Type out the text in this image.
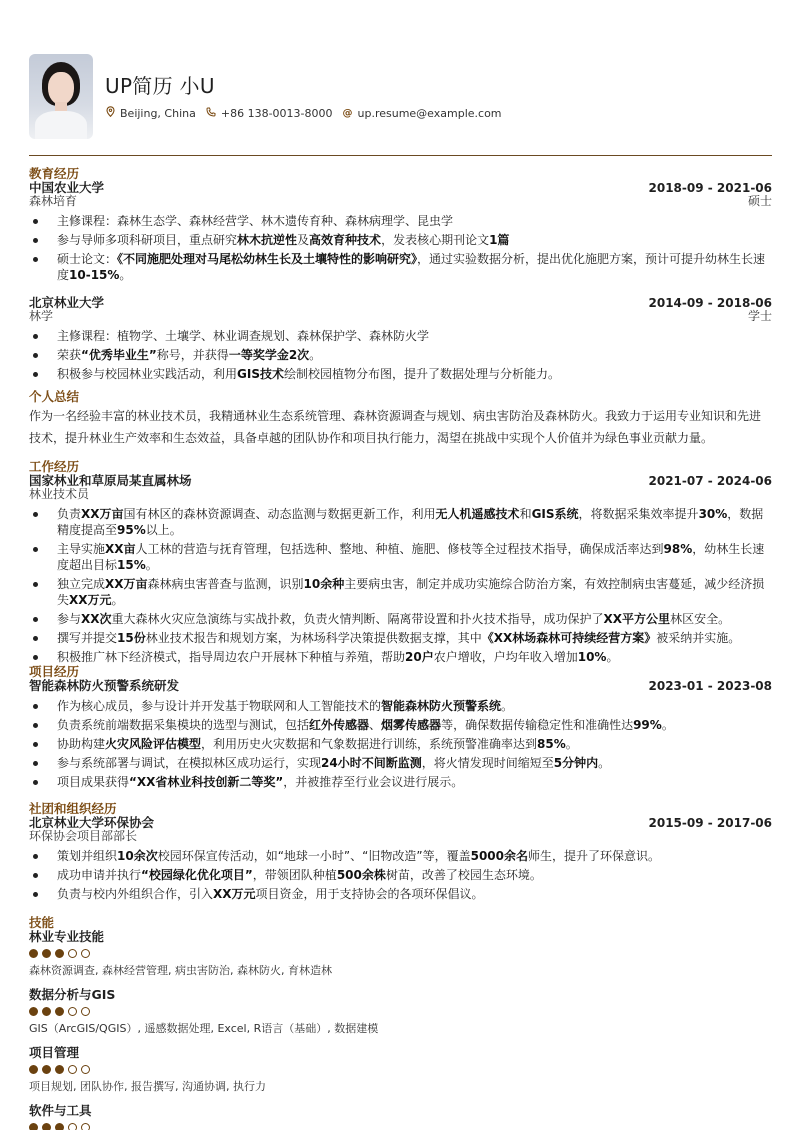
UP简历 小U
Beijing, China +86 138-0013-8000 @ up.resume@example.com
教育经历
中国农业大学	2018-09 - 2021-06
森林培育	硕士
主修课程：森林生态学、森林经营学、林木遗传育种、森林病理学、昆虫学
参与导师多项科研项目，重点研究林木抗逆性及高效育种技术，发表核心期刊论文1篇
硕士论文：《不同施肥处理对马尾松幼林生长及土壤特性的影响研究》，通过实验数据分析，提出优化施肥方案，预计可提升幼林生长速度10-15%。
北京林业大学	2014-09 - 2018-06
林学	学士
主修课程：植物学、土壤学、林业调查规划、森林保护学、森林防火学
荣获“优秀毕业生”称号，并获得一等奖学金2次。
积极参与校园林业实践活动，利用GIS技术绘制校园植物分布图，提升了数据处理与分析能力。
个人总结
作为一名经验丰富的林业技术员，我精通林业生态系统管理、森林资源调查与规划、病虫害防治及森林防火。我致力于运用专业知识和先进技术，提升林业生产效率和生态效益，具备卓越的团队协作和项目执行能力，渴望在挑战中实现个人价值并为绿色事业贡献力量。
工作经历
国家林业和草原局某直属林场	2021-07 - 2024-06
林业技术员
负责XX万亩国有林区的森林资源调查、动态监测与数据更新工作，利用无人机遥感技术和GIS系统，将数据采集效率提升30%，数据精度提高至95%以上。
主导实施XX亩人工林的营造与抚育管理，包括选种、整地、种植、施肥、修枝等全过程技术指导，确保成活率达到98%，幼林生长速度超出目标15%。
独立完成XX万亩森林病虫害普查与监测，识别10余种主要病虫害，制定并成功实施综合防治方案，有效控制病虫害蔓延，减少经济损失XX万元。
参与XX次重大森林火灾应急演练与实战扑救，负责火情判断、隔离带设置和扑火技术指导，成功保护了XX平方公里林区安全。
撰写并提交15份林业技术报告和规划方案，为林场科学决策提供数据支撑，其中《XX林场森林可持续经营方案》被采纳并实施。
积极推广林下经济模式，指导周边农户开展林下种植与养殖，帮助20户农户增收，户均年收入增加10%。
项目经历
智能森林防火预警系统研发	2023-01 - 2023-08
作为核心成员，参与设计并开发基于物联网和人工智能技术的智能森林防火预警系统。
负责系统前端数据采集模块的选型与测试，包括红外传感器、烟雾传感器等，确保数据传输稳定性和准确性达99%。
协助构建火灾风险评估模型，利用历史火灾数据和气象数据进行训练，系统预警准确率达到85%。
参与系统部署与调试，在模拟林区成功运行，实现24小时不间断监测，将火情发现时间缩短至5分钟内。
项目成果获得“XX省林业科技创新二等奖”，并被推荐至行业会议进行展示。
社团和组织经历
北京林业大学环保协会	2015-09 - 2017-06
环保协会项目部部长
策划并组织10余次校园环保宣传活动，如“地球一小时”、“旧物改造”等，覆盖5000余名师生，提升了环保意识。
成功申请并执行“校园绿化优化项目”，带领团队种植500余株树苗，改善了校园生态环境。
负责与校内外组织合作，引入XX万元项目资金，用于支持协会的各项环保倡议。
技能
林业专业技能
森林资源调查, 森林经营管理, 病虫害防治, 森林防火, 育林造林
数据分析与GIS
GIS（ArcGIS/QGIS）, 遥感数据处理, Excel, R语言（基础）, 数据建模
项目管理
项目规划, 团队协作, 报告撰写, 沟通协调, 执行力
软件与工具
